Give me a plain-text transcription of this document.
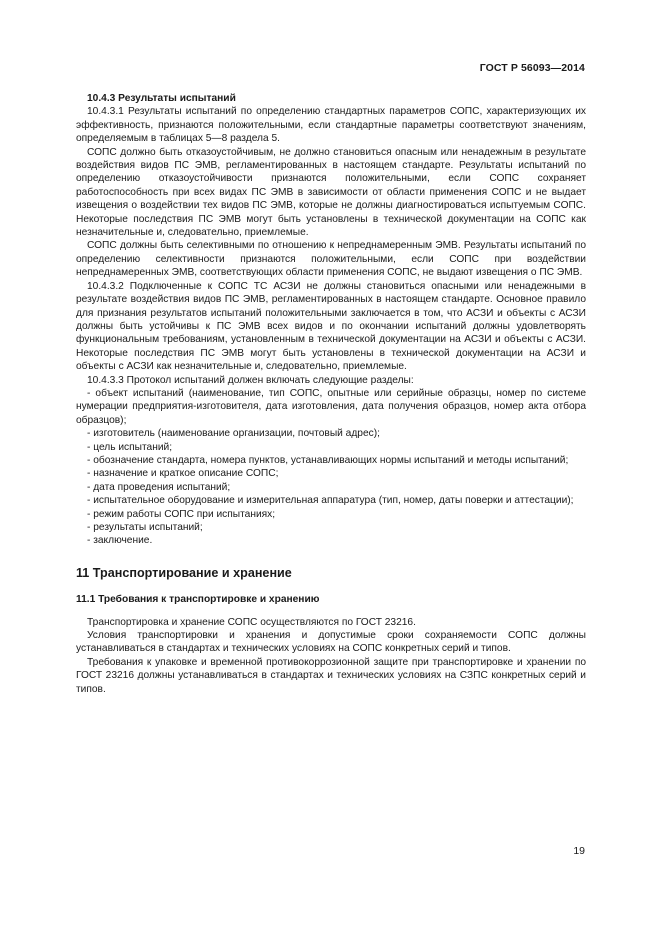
ГОСТ Р 56093—2014

10.4.3 Результаты испытаний

10.4.3.1 Результаты испытаний по определению стандартных параметров СОПС, характеризующих их эффективность, признаются положительными, если стандартные параметры соответствуют значениям, определяемым в таблицах 5—8 раздела 5.

СОПС должно быть отказоустойчивым, не должно становиться опасным или ненадежным в результате воздействия видов ПС ЭМВ, регламентированных в настоящем стандарте. Результаты испытаний по определению отказоустойчивости признаются положительными, если СОПС сохраняет работоспособность при всех видах ПС ЭМВ в зависимости от области применения СОПС и не выдает извещения о воздействии тех видов ПС ЭМВ, которые не должны диагностироваться испытуемым СОПС. Некоторые последствия ПС ЭМВ могут быть установлены в технической документации на СОПС как незначительные и, следовательно, приемлемые.

СОПС должны быть селективными по отношению к непреднамеренным ЭМВ. Результаты испытаний по определению селективности признаются положительными, если СОПС при воздействии непреднамеренных ЭМВ, соответствующих области применения СОПС, не выдают извещения о ПС ЭМВ.

10.4.3.2 Подключенные к СОПС ТС АСЗИ не должны становиться опасными или ненадежными в результате воздействия видов ПС ЭМВ, регламентированных в настоящем стандарте. Основное правило для признания результатов испытаний положительными заключается в том, что АСЗИ и объекты с АСЗИ должны быть устойчивы к ПС ЭМВ всех видов и по окончании испытаний должны удовлетворять функциональным требованиям, установленным в технической документации на АСЗИ и объекты с АСЗИ. Некоторые последствия ПС ЭМВ могут быть установлены в технической документации на АСЗИ и объекты с АСЗИ как незначительные и, следовательно, приемлемые.

10.4.3.3 Протокол испытаний должен включать следующие разделы:

- объект испытаний (наименование, тип СОПС, опытные или серийные образцы, номер по системе нумерации предприятия-изготовителя, дата изготовления, дата получения образцов, номер акта отбора образцов);

- изготовитель (наименование организации, почтовый адрес);

- цель испытаний;

- обозначение стандарта, номера пунктов, устанавливающих нормы испытаний и методы испытаний;

- назначение и краткое описание СОПС;

- дата проведения испытаний;

- испытательное оборудование и измерительная аппаратура (тип, номер, даты поверки и аттестации);

- режим работы СОПС при испытаниях;

- результаты испытаний;

- заключение.

11 Транспортирование и хранение

11.1 Требования к транспортировке и хранению

Транспортировка и хранение СОПС осуществляются по ГОСТ 23216.

Условия транспортировки и хранения и допустимые сроки сохраняемости СОПС должны устанавливаться в стандартах и технических условиях на СОПС конкретных серий и типов.

Требования к упаковке и временной противокоррозионной защите при транспортировке и хранении по ГОСТ 23216 должны устанавливаться в стандартах и технических условиях на СЗПС конкретных серий и типов.

19
